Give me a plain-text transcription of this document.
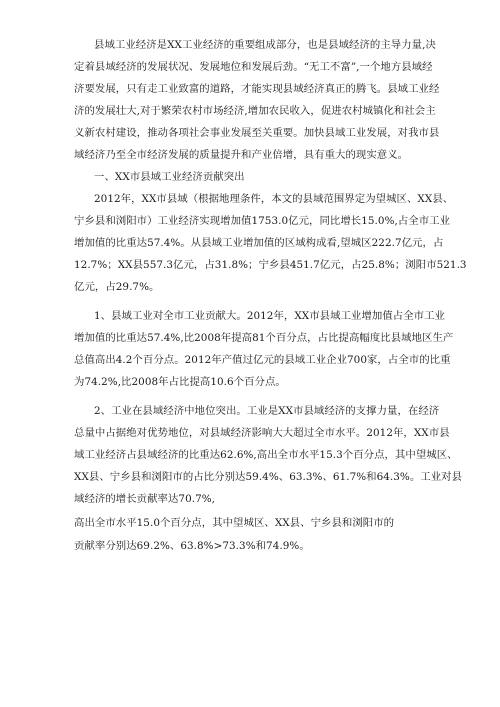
县域工业经济是XX工业经济的重要组成部分，也是县域经济的主导力量,决
定着县域经济的发展状况、发展地位和发展后劲。“无工不富”,一个地方县域经
济要发展，只有走工业致富的道路，才能实现县域经济真正的腾飞。县域工业经
济的发展壮大,对于繁荣农村市场经济,增加农民收入，促进农村城镇化和社会主
义新农村建设，推动各项社会事业发展至关重要。加快县域工业发展，对我市县
域经济乃至全市经济发展的质量提升和产业倍增，具有重大的现实意义。
一、XX市县域工业经济贡献突出
2012年，XX市县域（根据地理条件，本文的县域范围界定为望城区、XX县、
宁乡县和浏阳市）工业经济实现增加值1753.0亿元，同比增长15.0%,占全市工业
增加值的比重达57.4%。从县域工业增加值的区域构成看,望城区222.7亿元，占
12.7%；XX县557.3亿元，占31.8%；宁乡县451.7亿元，占25.8%；浏阳市521.3
亿元，占29.7%。
1、县域工业对全市工业贡献大。2012年，XX市县域工业增加值占全市工业
增加值的比重达57.4%,比2008年提高81个百分点，占比提高幅度比县域地区生产
总值高出4.2个百分点。2012年产值过亿元的县域工业企业700家，占全市的比重
为74.2%,比2008年占比提高10.6个百分点。
2、工业在县域经济中地位突出。工业是XX市县域经济的支撑力量，在经济
总量中占据绝对优势地位，对县域经济影响大大超过全市水平。2012年，XX市县
域工业经济占县域经济的比重达62.6%,高出全市水平15.3个百分点，其中望城区、
XX县、宁乡县和浏阳市的占比分别达59.4%、63.3%、61.7%和64.3%。工业对县
域经济的增长贡献率达70.7%,
高出全市水平15.0个百分点，其中望城区、XX县、宁乡县和浏阳市的
贡献率分别达69.2%、63.8%>73.3%和74.9%。
